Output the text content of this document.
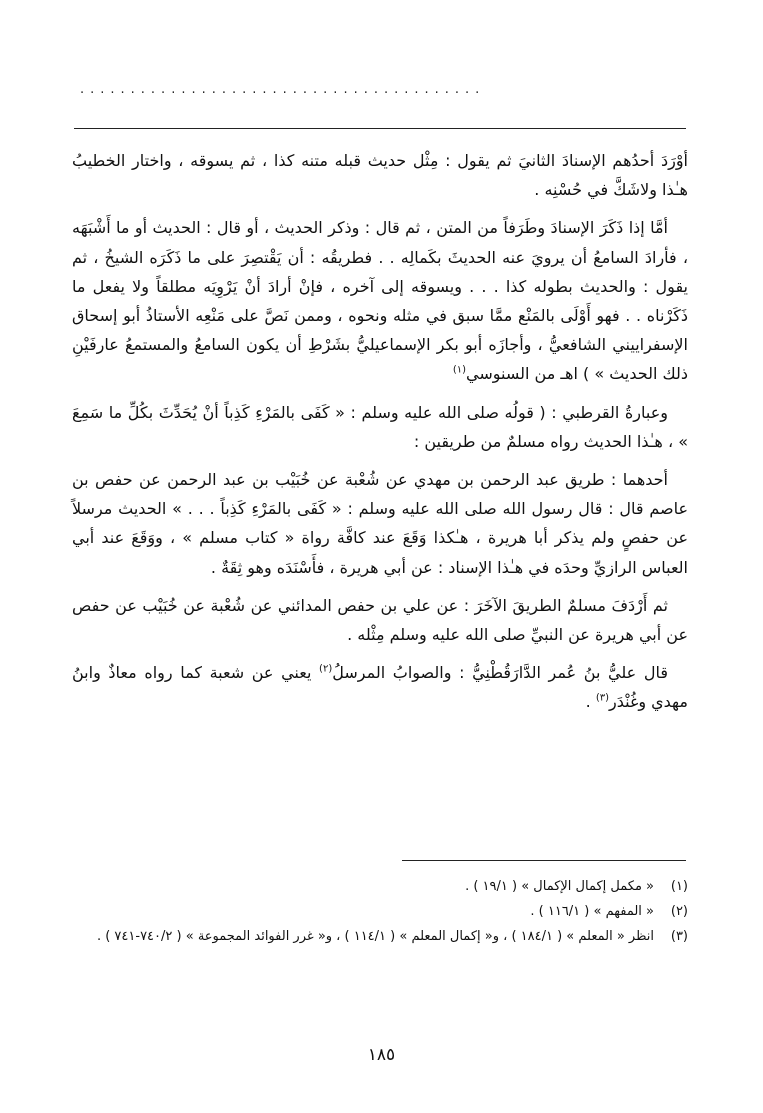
........................................

أوْرَدَ أحدُهم الإسنادَ الثانيَ ثم يقول : مِثْل حديث قبله متنه كذا ، ثم يسوقه ، واختار الخطيبُ هـٰذا ولاشَكَّ في حُسْنِه .

أمَّا إذا ذَكَرَ الإسنادَ وطَرَفاً من المتن ، ثم قال : وذكر الحديث ، أو قال : الحديث أو ما أَشْبَهَه ، فأرادَ السامعُ أن يرويَ عنه الحديثَ بكَمالِه . . فطريقُه : أن يَقْتصِرَ على ما ذَكَرَه الشيخُ ، ثم يقول : والحديث بطوله كذا . . . ويسوقه إلى آخره ، فإنْ أرادَ أنْ يَرْوِيَه مطلقاً ولا يفعل ما ذَكَرْناه . . فهو أَوْلَى بالمَنْع ممَّا سبق في مثله ونحوه ، وممن نَصَّ على مَنْعِه الأستاذُ أبو إسحاق الإسفراييني الشافعيُّ ، وأجازَه أبو بكر الإسماعيليُّ بشَرْطِ أن يكون السامعُ والمستمعُ عارفَيْنِ ذلك الحديث » ) اهـ من السنوسي$^{(١)}$

وعبارةُ القرطبي : ( قولُه صلى الله عليه وسلم : « كَفَى بالمَرْءِ كَذِباً أنْ يُحَدِّثَ بكُلِّ ما سَمِعَ » ، هـٰذا الحديث رواه مسلمٌ من طريقين :

أحدهما : طريق عبد الرحمن بن مهدي عن شُعْبة عن خُبَيْب بن عبد الرحمن عن حفص بن عاصم قال : قال رسول الله صلى الله عليه وسلم : « كَفَى بالمَرْءِ كَذِباً . . . » الحديث مرسلاً عن حفصٍ ولم يذكر أبا هريرة ، هـٰكذا وَقَعَ عند كافَّة رواة « كتاب مسلم » ، ووَقَعَ عند أبي العباس الرازيِّ وحدَه في هـٰذا الإسناد : عن أبي هريرة ، فأَسْنَدَه وهو ثِقَةٌ .

ثم أَرْدَفَ مسلمٌ الطريقَ الآخَرَ : عن علي بن حفص المدائني عن شُعْبة عن خُبَيْب عن حفص عن أبي هريرة عن النبيِّ صلى الله عليه وسلم مِثْله .

قال عليُّ بنُ عُمر الدَّارَقُطْنِيُّ : والصوابُ المرسلُ$^{(٢)}$ يعني عن شعبة كما رواه معاذٌ وابنُ مهدي وغُنْدَر$^{(٣)}$ .

(١)
« مكمل إكمال الإكمال » ( ١٩/١ ) .
(٢)
« المفهم » ( ١١٦/١ ) .
(٣)
انظر « المعلم » ( ١٨٤/١ ) ، و« إكمال المعلم » ( ١١٤/١ ) ، و« غرر الفوائد المجموعة » ( ٧٤٠/٢-٧٤١ ) .
١٨٥
